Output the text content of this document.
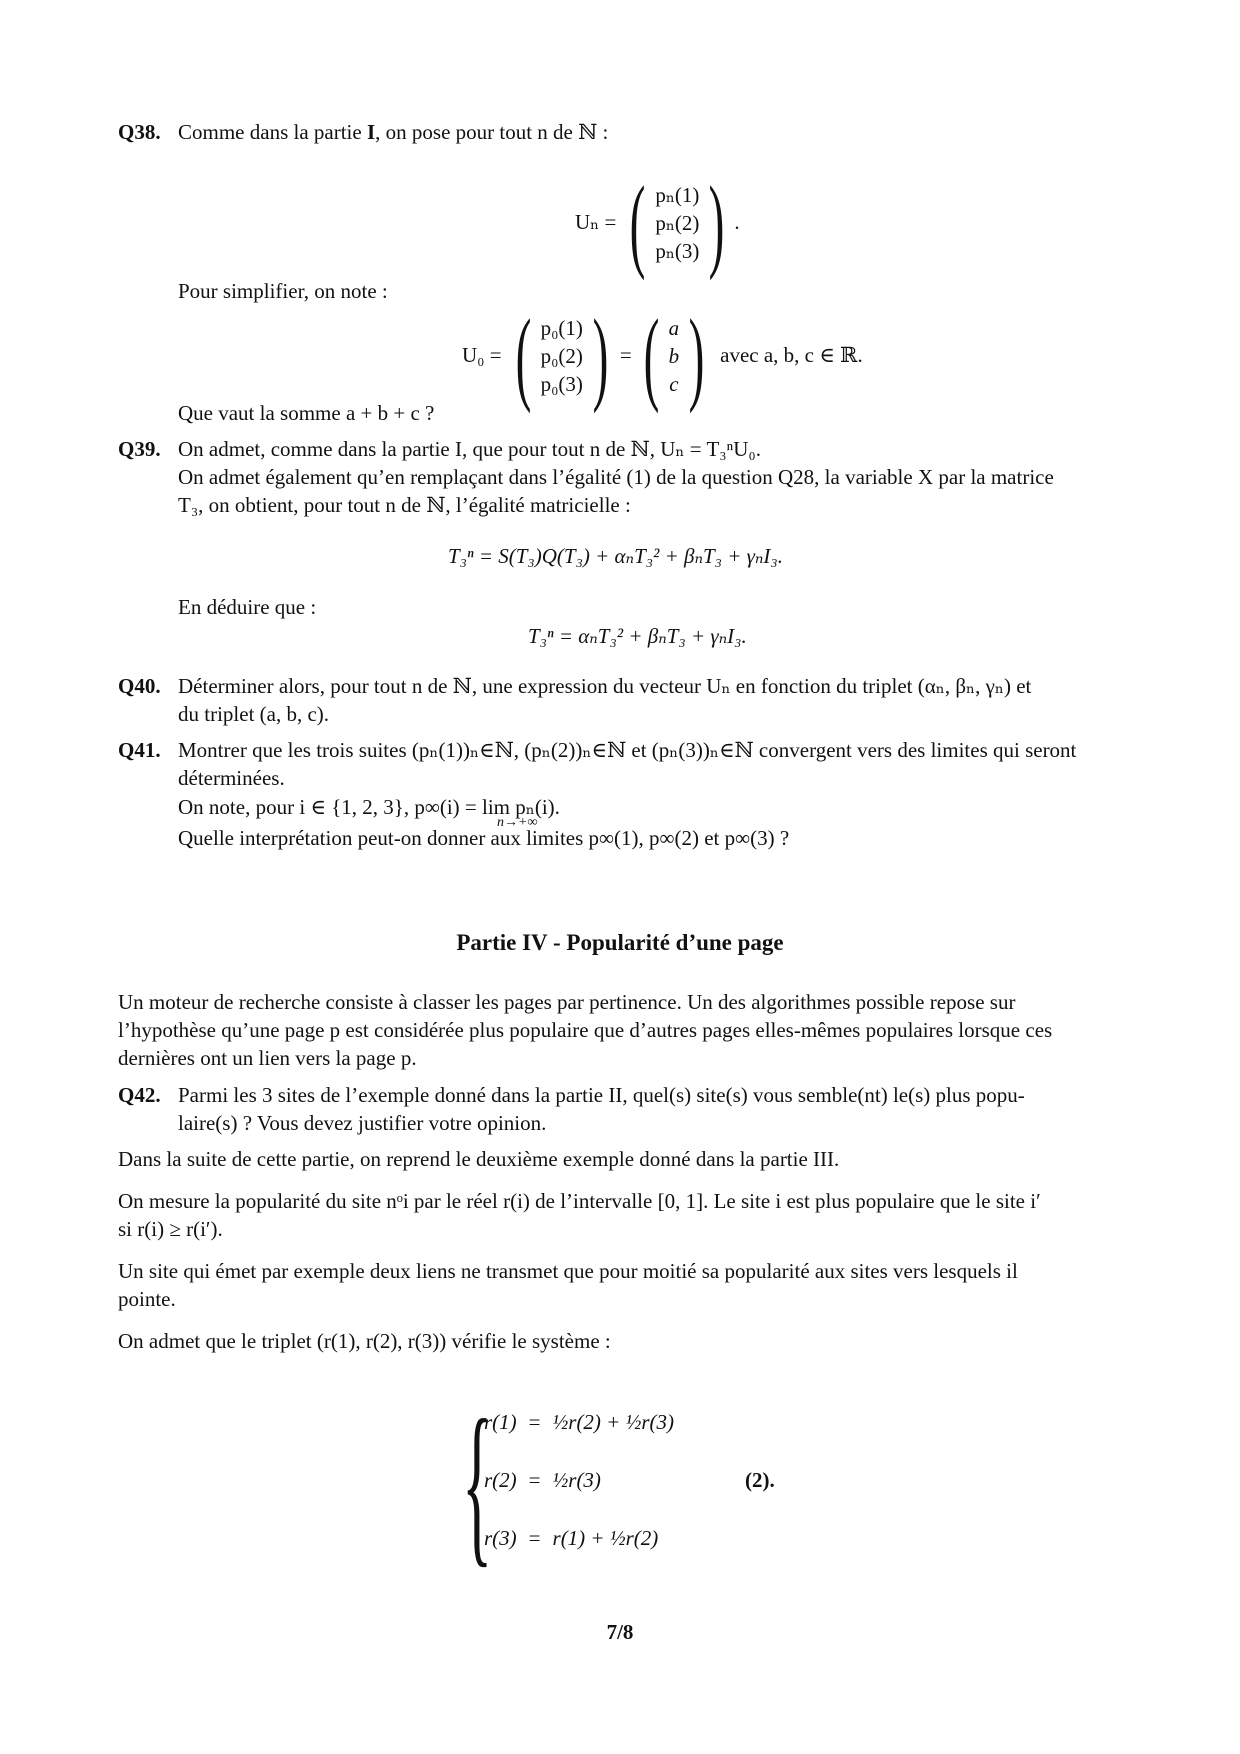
Q38. Comme dans la partie I, on pose pour tout n de ℕ :
Uₙ = ( pₙ(1)
pₙ(2)
pₙ(3) ) .
Pour simplifier, on note :
U₀ = ( p₀(1)
p₀(2)
p₀(3) ) = ( a
b
c ) avec a, b, c ∈ ℝ.
Que vaut la somme a + b + c ?
Q39. On admet, comme dans la partie I, que pour tout n de ℕ, Uₙ = T₃ⁿU₀.
On admet également qu’en remplaçant dans l’égalité (1) de la question Q28, la variable X par la matrice
T₃, on obtient, pour tout n de ℕ, l’égalité matricielle :
T₃ⁿ = S(T₃)Q(T₃) + αₙT₃² + βₙT₃ + γₙI₃.
En déduire que :
T₃ⁿ = αₙT₃² + βₙT₃ + γₙI₃.
Q40. Déterminer alors, pour tout n de ℕ, une expression du vecteur Uₙ en fonction du triplet (αₙ, βₙ, γₙ) et
du triplet (a, b, c).
Q41. Montrer que les trois suites (pₙ(1))ₙ∈ℕ, (pₙ(2))ₙ∈ℕ et (pₙ(3))ₙ∈ℕ convergent vers des limites qui seront
déterminées.
On note, pour i ∈ {1, 2, 3}, p∞(i) = lim pₙ(i).
n→+∞
Quelle interprétation peut-on donner aux limites p∞(1), p∞(2) et p∞(3) ?
Partie IV - Popularité d’une page
Un moteur de recherche consiste à classer les pages par pertinence. Un des algorithmes possible repose sur
l’hypothèse qu’une page p est considérée plus populaire que d’autres pages elles-mêmes populaires lorsque ces
dernières ont un lien vers la page p.
Q42. Parmi les 3 sites de l’exemple donné dans la partie II, quel(s) site(s) vous semble(nt) le(s) plus popu-
laire(s) ? Vous devez justifier votre opinion.
Dans la suite de cette partie, on reprend le deuxième exemple donné dans la partie III.
On mesure la popularité du site nᵒi par le réel r(i) de l’intervalle [0, 1]. Le site i est plus populaire que le site i′
si r(i) ≥ r(i′).
Un site qui émet par exemple deux liens ne transmet que pour moitié sa popularité aux sites vers lesquels il
pointe.
On admet que le triplet (r(1), r(2), r(3)) vérifie le système :
{
r(1)	=	½r(2) + ½r(3)
r(2)	=	½r(3)
r(3)	=	r(1) + ½r(2)
(2).
7/8
